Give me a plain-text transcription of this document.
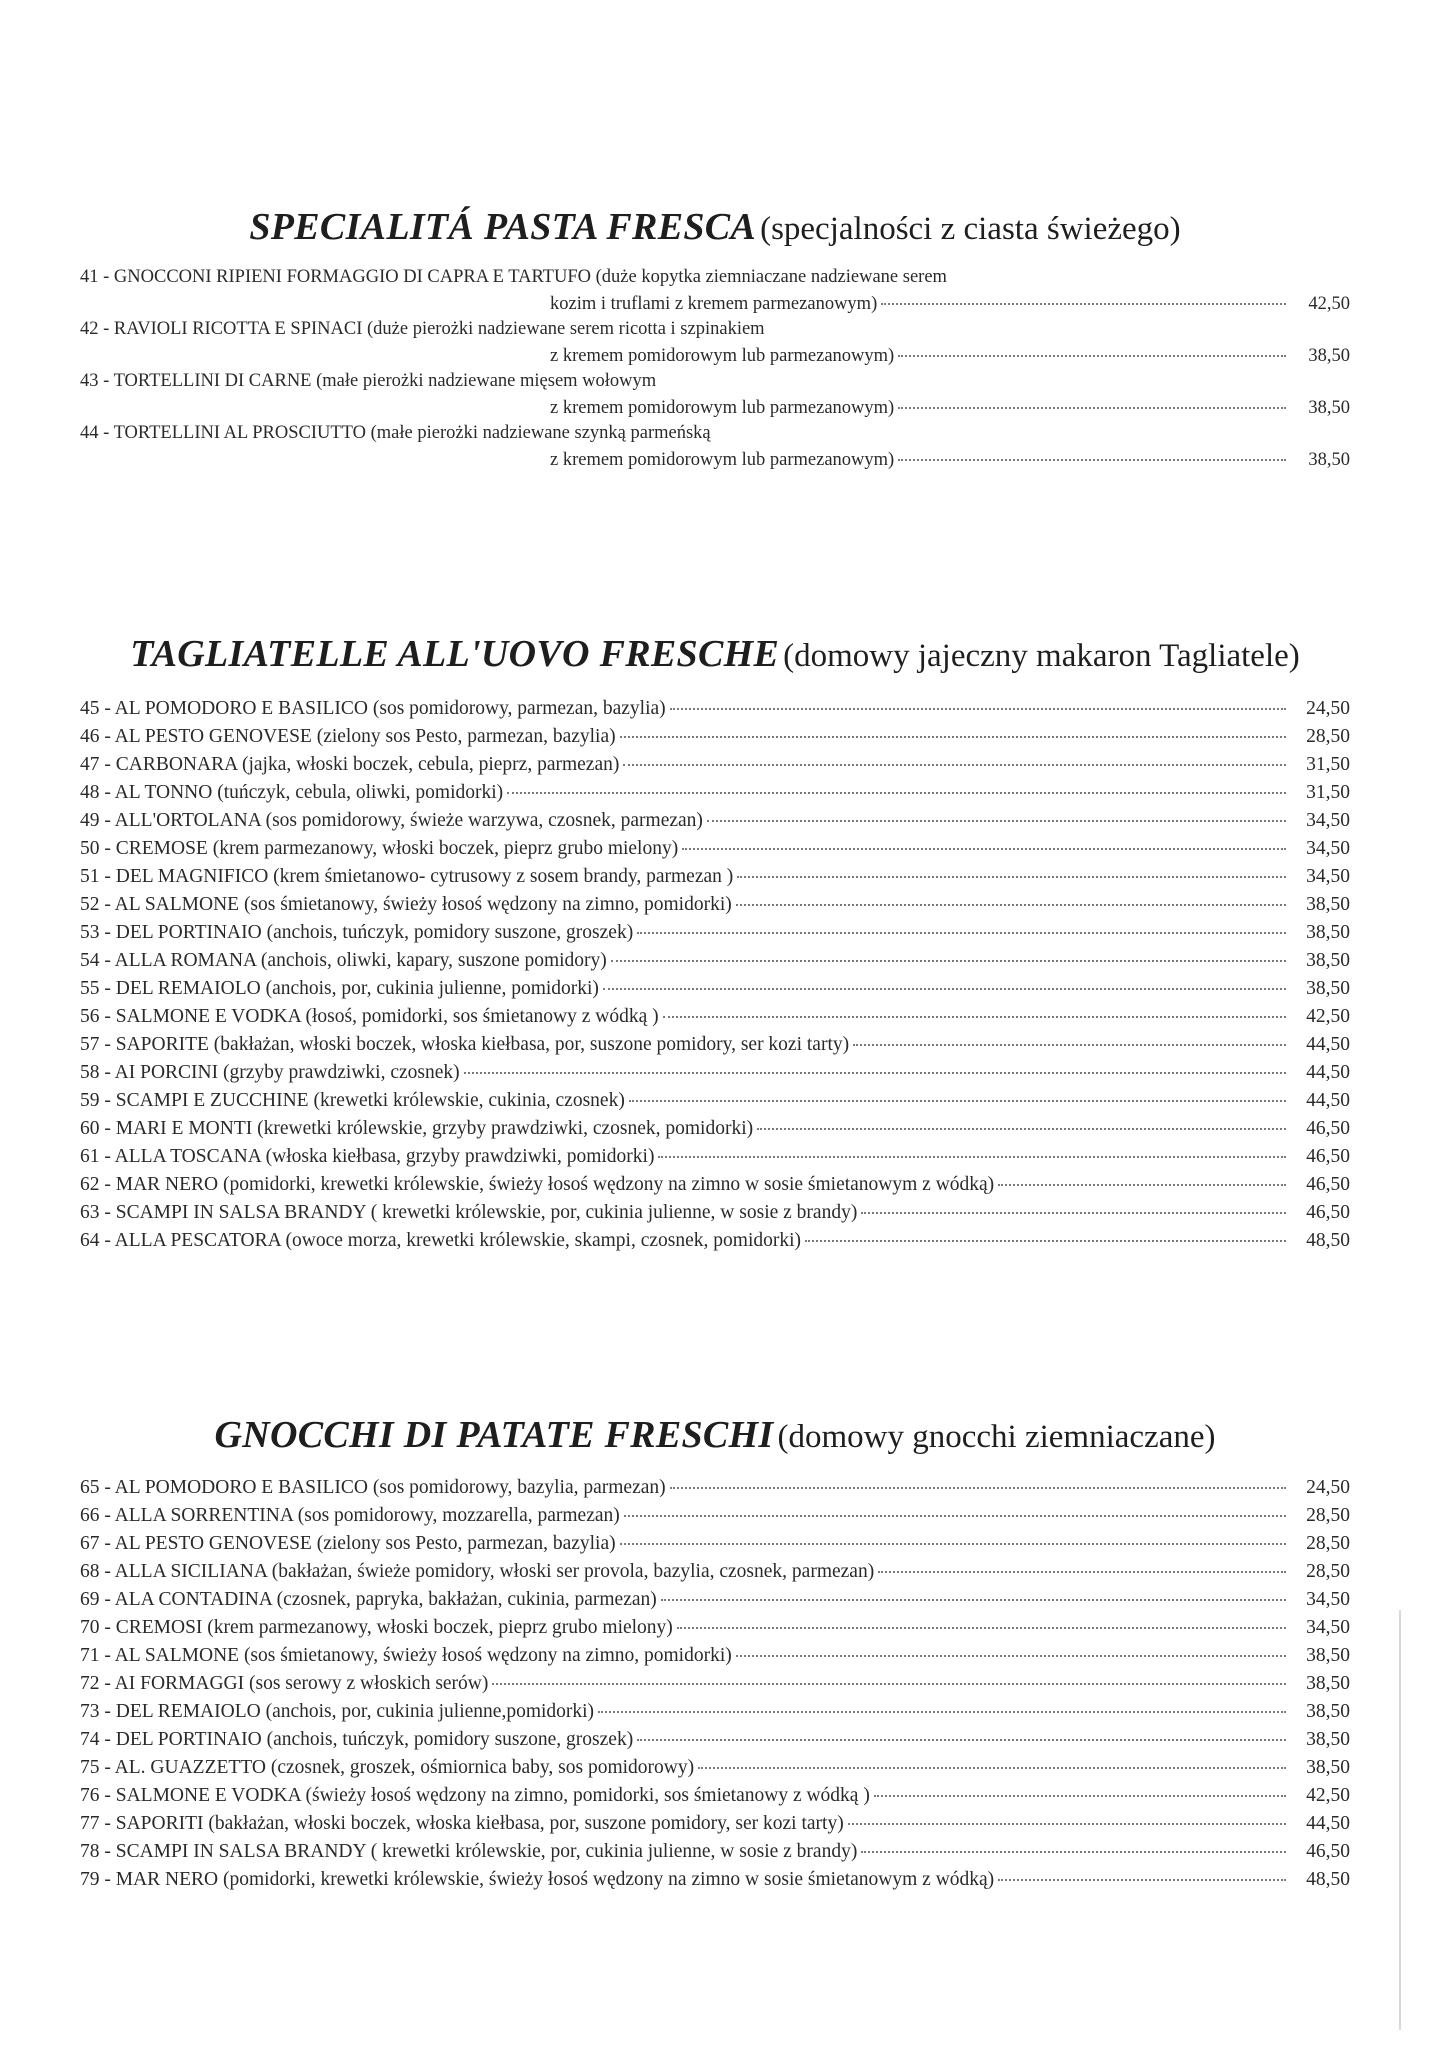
SPECIALITÁ PASTA FRESCA (specjalności z ciasta świeżego)
41 - GNOCCONI RIPIENI FORMAGGIO DI CAPRA E TARTUFO (duże kopytka ziemniaczane nadziewane serem
kozim i truflami z kremem parmezanowym)	42,50
42 - RAVIOLI RICOTTA E SPINACI (duże pierożki nadziewane serem ricotta i szpinakiem
z kremem pomidorowym lub parmezanowym)	38,50
43 - TORTELLINI DI CARNE (małe pierożki nadziewane mięsem wołowym
z kremem pomidorowym lub parmezanowym)	38,50
44 - TORTELLINI AL PROSCIUTTO (małe pierożki nadziewane szynką parmeńską
z kremem pomidorowym lub parmezanowym)	38,50
TAGLIATELLE ALL'UOVO FRESCHE (domowy jajeczny makaron Tagliatele)
45 - AL POMODORO E BASILICO (sos pomidorowy, parmezan, bazylia)	24,50
46 - AL PESTO GENOVESE (zielony sos Pesto, parmezan, bazylia)	28,50
47 - CARBONARA (jajka, włoski boczek, cebula, pieprz, parmezan)	31,50
48 - AL TONNO (tuńczyk, cebula, oliwki, pomidorki)	31,50
49 - ALL'ORTOLANA (sos pomidorowy, świeże warzywa, czosnek, parmezan)	34,50
50 - CREMOSE (krem parmezanowy, włoski boczek, pieprz grubo mielony)	34,50
51 - DEL MAGNIFICO (krem śmietanowo- cytrusowy z sosem brandy, parmezan )	34,50
52 - AL SALMONE (sos śmietanowy, świeży łosoś wędzony na zimno, pomidorki)	38,50
53 - DEL PORTINAIO (anchois, tuńczyk, pomidory suszone, groszek)	38,50
54 - ALLA ROMANA (anchois, oliwki, kapary, suszone pomidory)	38,50
55 - DEL REMAIOLO (anchois, por, cukinia julienne, pomidorki)	38,50
56 - SALMONE E VODKA (łosoś, pomidorki, sos śmietanowy z wódką )	42,50
57 - SAPORITE (bakłażan, włoski boczek, włoska kiełbasa, por, suszone pomidory, ser kozi tarty)	44,50
58 - AI PORCINI (grzyby prawdziwki, czosnek)	44,50
59 - SCAMPI E ZUCCHINE (krewetki królewskie, cukinia, czosnek)	44,50
60 - MARI E MONTI (krewetki królewskie, grzyby prawdziwki, czosnek, pomidorki)	46,50
61 - ALLA TOSCANA (włoska kiełbasa, grzyby prawdziwki, pomidorki)	46,50
62 - MAR NERO (pomidorki, krewetki królewskie, świeży łosoś wędzony na zimno w sosie śmietanowym z wódką)	46,50
63 - SCAMPI IN SALSA BRANDY ( krewetki królewskie, por, cukinia julienne, w sosie z brandy)	46,50
64 - ALLA PESCATORA (owoce morza, krewetki królewskie, skampi, czosnek, pomidorki)	48,50
GNOCCHI DI PATATE FRESCHI (domowy gnocchi ziemniaczane)
65 - AL POMODORO E BASILICO (sos pomidorowy, bazylia, parmezan)	24,50
66 - ALLA SORRENTINA (sos pomidorowy, mozzarella, parmezan)	28,50
67 - AL PESTO GENOVESE (zielony sos Pesto, parmezan, bazylia)	28,50
68 - ALLA SICILIANA (bakłażan, świeże pomidory, włoski ser provola, bazylia, czosnek, parmezan)	28,50
69 - ALA CONTADINA (czosnek, papryka, bakłażan, cukinia, parmezan)	34,50
70 - CREMOSI (krem parmezanowy, włoski boczek, pieprz grubo mielony)	34,50
71 - AL SALMONE (sos śmietanowy, świeży łosoś wędzony na zimno, pomidorki)	38,50
72 - AI FORMAGGI (sos serowy z włoskich serów)	38,50
73 - DEL REMAIOLO (anchois, por, cukinia julienne,pomidorki)	38,50
74 - DEL PORTINAIO (anchois, tuńczyk, pomidory suszone, groszek)	38,50
75 - AL. GUAZZETTO (czosnek, groszek, ośmiornica baby, sos pomidorowy)	38,50
76 - SALMONE E VODKA (świeży łosoś wędzony na zimno, pomidorki, sos śmietanowy z wódką )	42,50
77 - SAPORITI (bakłażan, włoski boczek, włoska kiełbasa, por, suszone pomidory, ser kozi tarty)	44,50
78 - SCAMPI IN SALSA BRANDY ( krewetki królewskie, por, cukinia julienne, w sosie z brandy)	46,50
79 - MAR NERO (pomidorki, krewetki królewskie, świeży łosoś wędzony na zimno w sosie śmietanowym z wódką)	48,50
